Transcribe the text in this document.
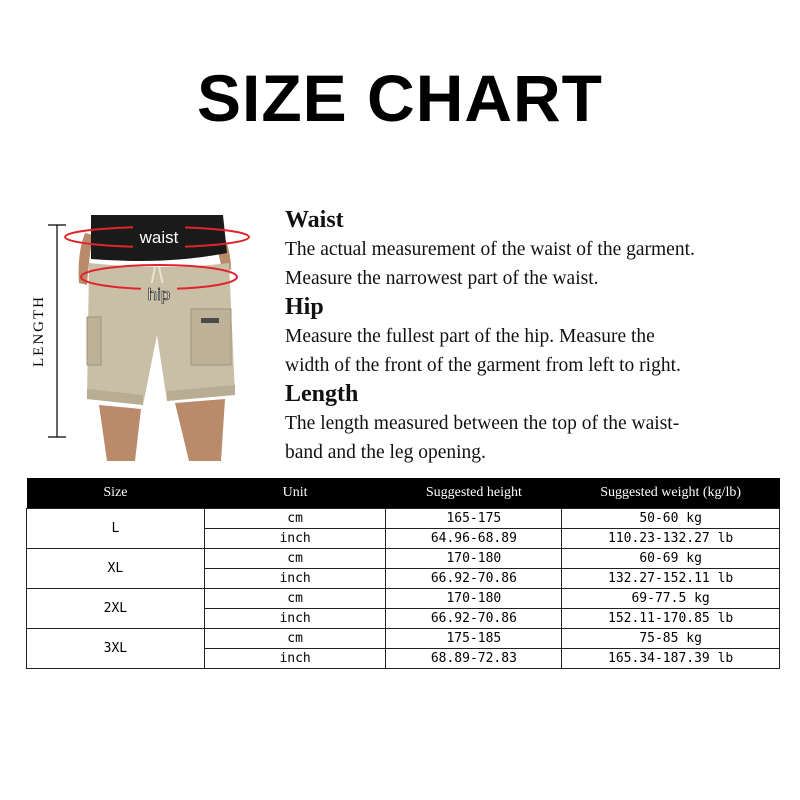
SIZE CHART
LENGTH
waist
hip
Waist
The actual measurement of the waist of the garment.
Measure the narrowest part of the waist.
Hip
Measure the fullest part of the hip. Measure the
width of the front of the garment from left to right.
Length
The length measured between the top of the waist-
band and the leg opening.
Size	Unit	Suggested height	Suggested weight (kg/lb)
L	cm	165-175	50-60 kg
	inch	64.96-68.89	110.23-132.27 lb
XL	cm	170-180	60-69 kg
	inch	66.92-70.86	132.27-152.11 lb
2XL	cm	170-180	69-77.5 kg
	inch	66.92-70.86	152.11-170.85 lb
3XL	cm	175-185	75-85 kg
	inch	68.89-72.83	165.34-187.39 lb
